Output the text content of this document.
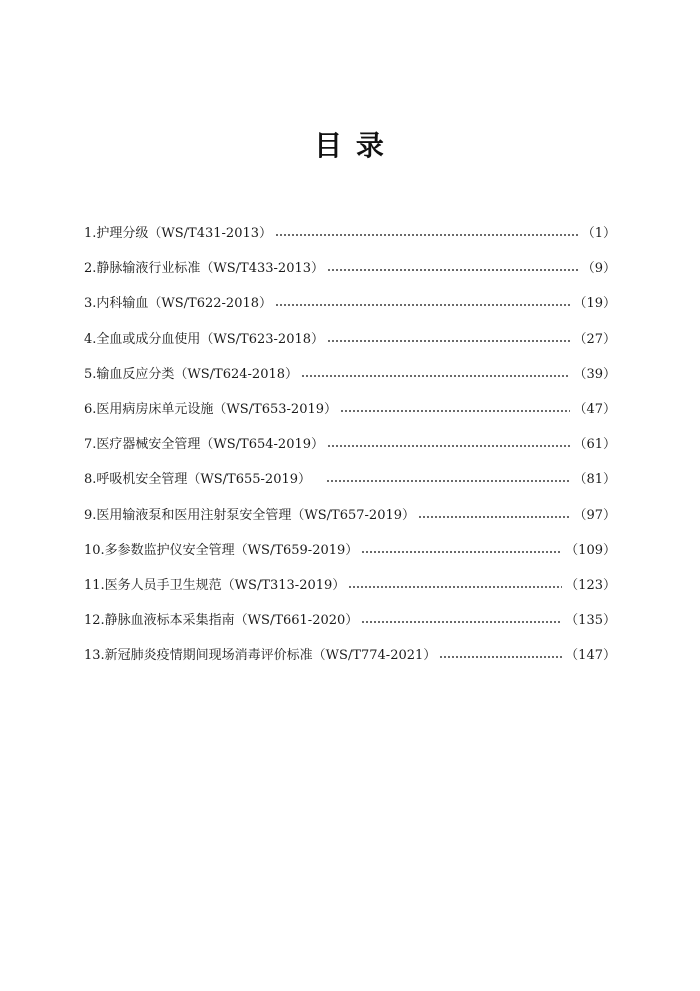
目 录
1.护理分级（WS/T431-2013）	（1）
2.静脉输液行业标准（WS/T433-2013）	（9）
3.内科输血（WS/T622-2018）	（19）
4.全血或成分血使用（WS/T623-2018）	（27）
5.输血反应分类（WS/T624-2018）	（39）
6.医用病房床单元设施（WS/T653-2019）	（47）
7.医疗器械安全管理（WS/T654-2019）	（61）
8.呼吸机安全管理（WS/T655-2019）	（81）
9.医用输液泵和医用注射泵安全管理（WS/T657-2019）	（97）
10.多参数监护仪安全管理（WS/T659-2019）	（109）
11.医务人员手卫生规范（WS/T313-2019）	（123）
12.静脉血液标本采集指南（WS/T661-2020）	（135）
13.新冠肺炎疫情期间现场消毒评价标准（WS/T774-2021）	（147）
